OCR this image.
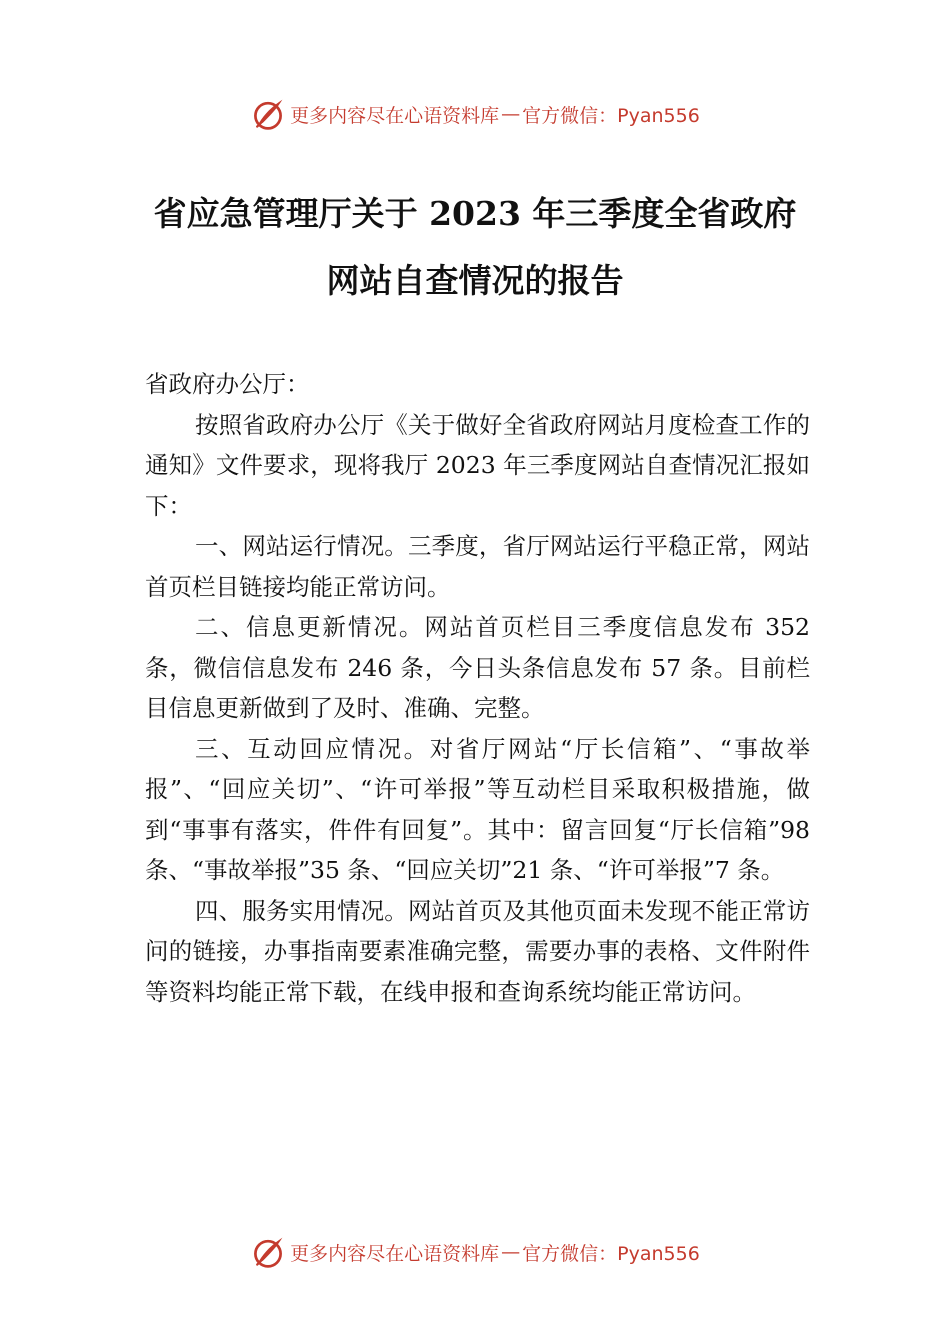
更多内容尽在心语资料库 — 官方微信：Pyan556
省应急管理厅关于 2023 年三季度全省政府
网站自查情况的报告

省政府办公厅：

按照省政府办公厅《关于做好全省政府网站月度检查工作的通知》文件要求，现将我厅 2023 年三季度网站自查情况汇报如下：

一、网站运行情况。三季度，省厅网站运行平稳正常，网站首页栏目链接均能正常访问。

二、信息更新情况。网站首页栏目三季度信息发布 352 条，微信信息发布 246 条，今日头条信息发布 57 条。目前栏目信息更新做到了及时、准确、完整。

三、互动回应情况。对省厅网站“厅长信箱”、“事故举报”、“回应关切”、“许可举报”等互动栏目采取积极措施，做到“事事有落实，件件有回复”。其中：留言回复“厅长信箱”98 条、“事故举报”35 条、“回应关切”21 条、“许可举报”7 条。

四、服务实用情况。网站首页及其他页面未发现不能正常访问的链接，办事指南要素准确完整，需要办事的表格、文件附件等资料均能正常下载，在线申报和查询系统均能正常访问。

更多内容尽在心语资料库 — 官方微信：Pyan556
